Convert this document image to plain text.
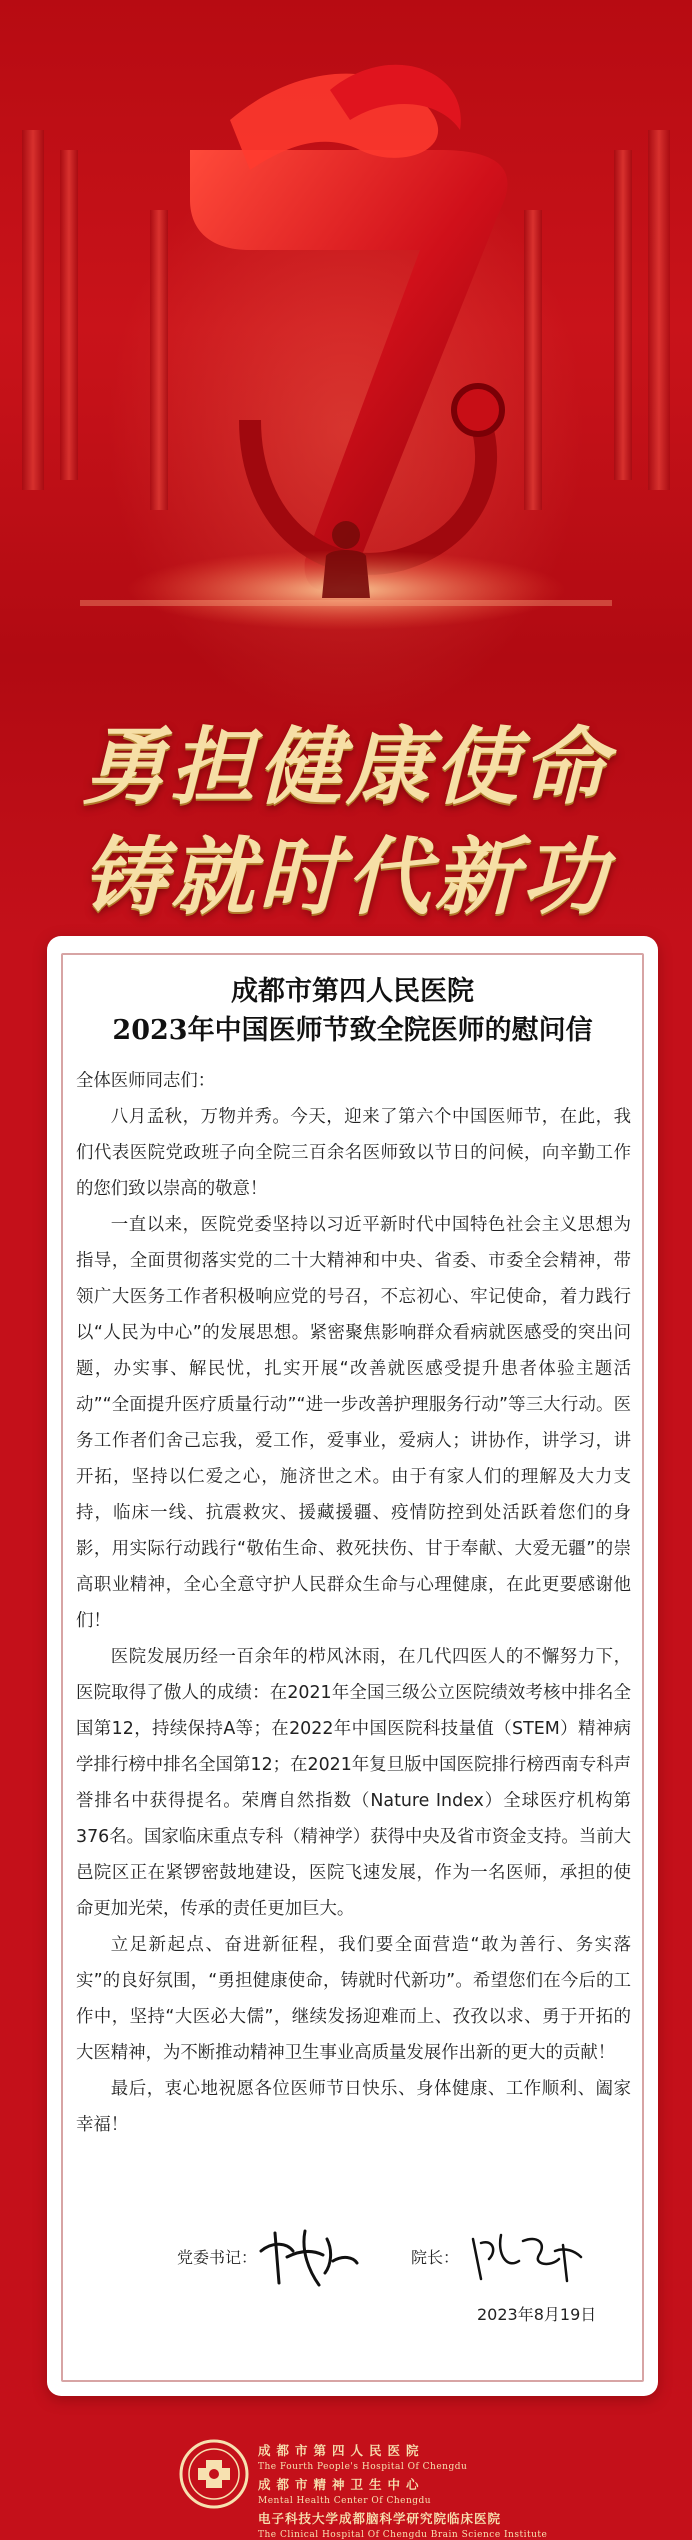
勇担健康使命
铸就时代新功
成都市第四人民医院
2023年中国医师节致全院医师的慰问信

全体医师同志们：

八月孟秋，万物并秀。今天，迎来了第六个中国医师节，在此，我们代表医院党政班子向全院三百余名医师致以节日的问候，向辛勤工作的您们致以崇高的敬意！

一直以来，医院党委坚持以习近平新时代中国特色社会主义思想为指导，全面贯彻落实党的二十大精神和中央、省委、市委全会精神，带领广大医务工作者积极响应党的号召，不忘初心、牢记使命，着力践行以“人民为中心”的发展思想。紧密聚焦影响群众看病就医感受的突出问题，办实事、解民忧，扎实开展“改善就医感受提升患者体验主题活动”“全面提升医疗质量行动”“进一步改善护理服务行动”等三大行动。医务工作者们舍己忘我，爱工作，爱事业，爱病人；讲协作，讲学习，讲开拓，坚持以仁爱之心，施济世之术。由于有家人们的理解及大力支持，临床一线、抗震救灾、援藏援疆、疫情防控到处活跃着您们的身影，用实际行动践行“敬佑生命、救死扶伤、甘于奉献、大爱无疆”的崇高职业精神，全心全意守护人民群众生命与心理健康，在此更要感谢他们！

医院发展历经一百余年的栉风沐雨，在几代四医人的不懈努力下，医院取得了傲人的成绩：在2021年全国三级公立医院绩效考核中排名全国第12，持续保持A等；在2022年中国医院科技量值（STEM）精神病学排行榜中排名全国第12；在2021年复旦版中国医院排行榜西南专科声誉排名中获得提名。荣膺自然指数（Nature Index）全球医疗机构第376名。国家临床重点专科（精神学）获得中央及省市资金支持。当前大邑院区正在紧锣密鼓地建设，医院飞速发展，作为一名医师，承担的使命更加光荣，传承的责任更加巨大。

立足新起点、奋进新征程，我们要全面营造“敢为善行、务实落实”的良好氛围，“勇担健康使命，铸就时代新功”。希望您们在今后的工作中，坚持“大医必大儒”，继续发扬迎难而上、孜孜以求、勇于开拓的大医精神，为不断推动精神卫生事业高质量发展作出新的更大的贡献！

最后，衷心地祝愿各位医师节日快乐、身体健康、工作顺利、阖家幸福！

党委书记：	院长：
2023年8月19日
成都市第四人民医院
The Fourth People's Hospital Of Chengdu
成都市精神卫生中心
Mental Health Center Of Chengdu
电子科技大学成都脑科学研究院临床医院
The Clinical Hospital Of Chengdu Brain Science Institute
